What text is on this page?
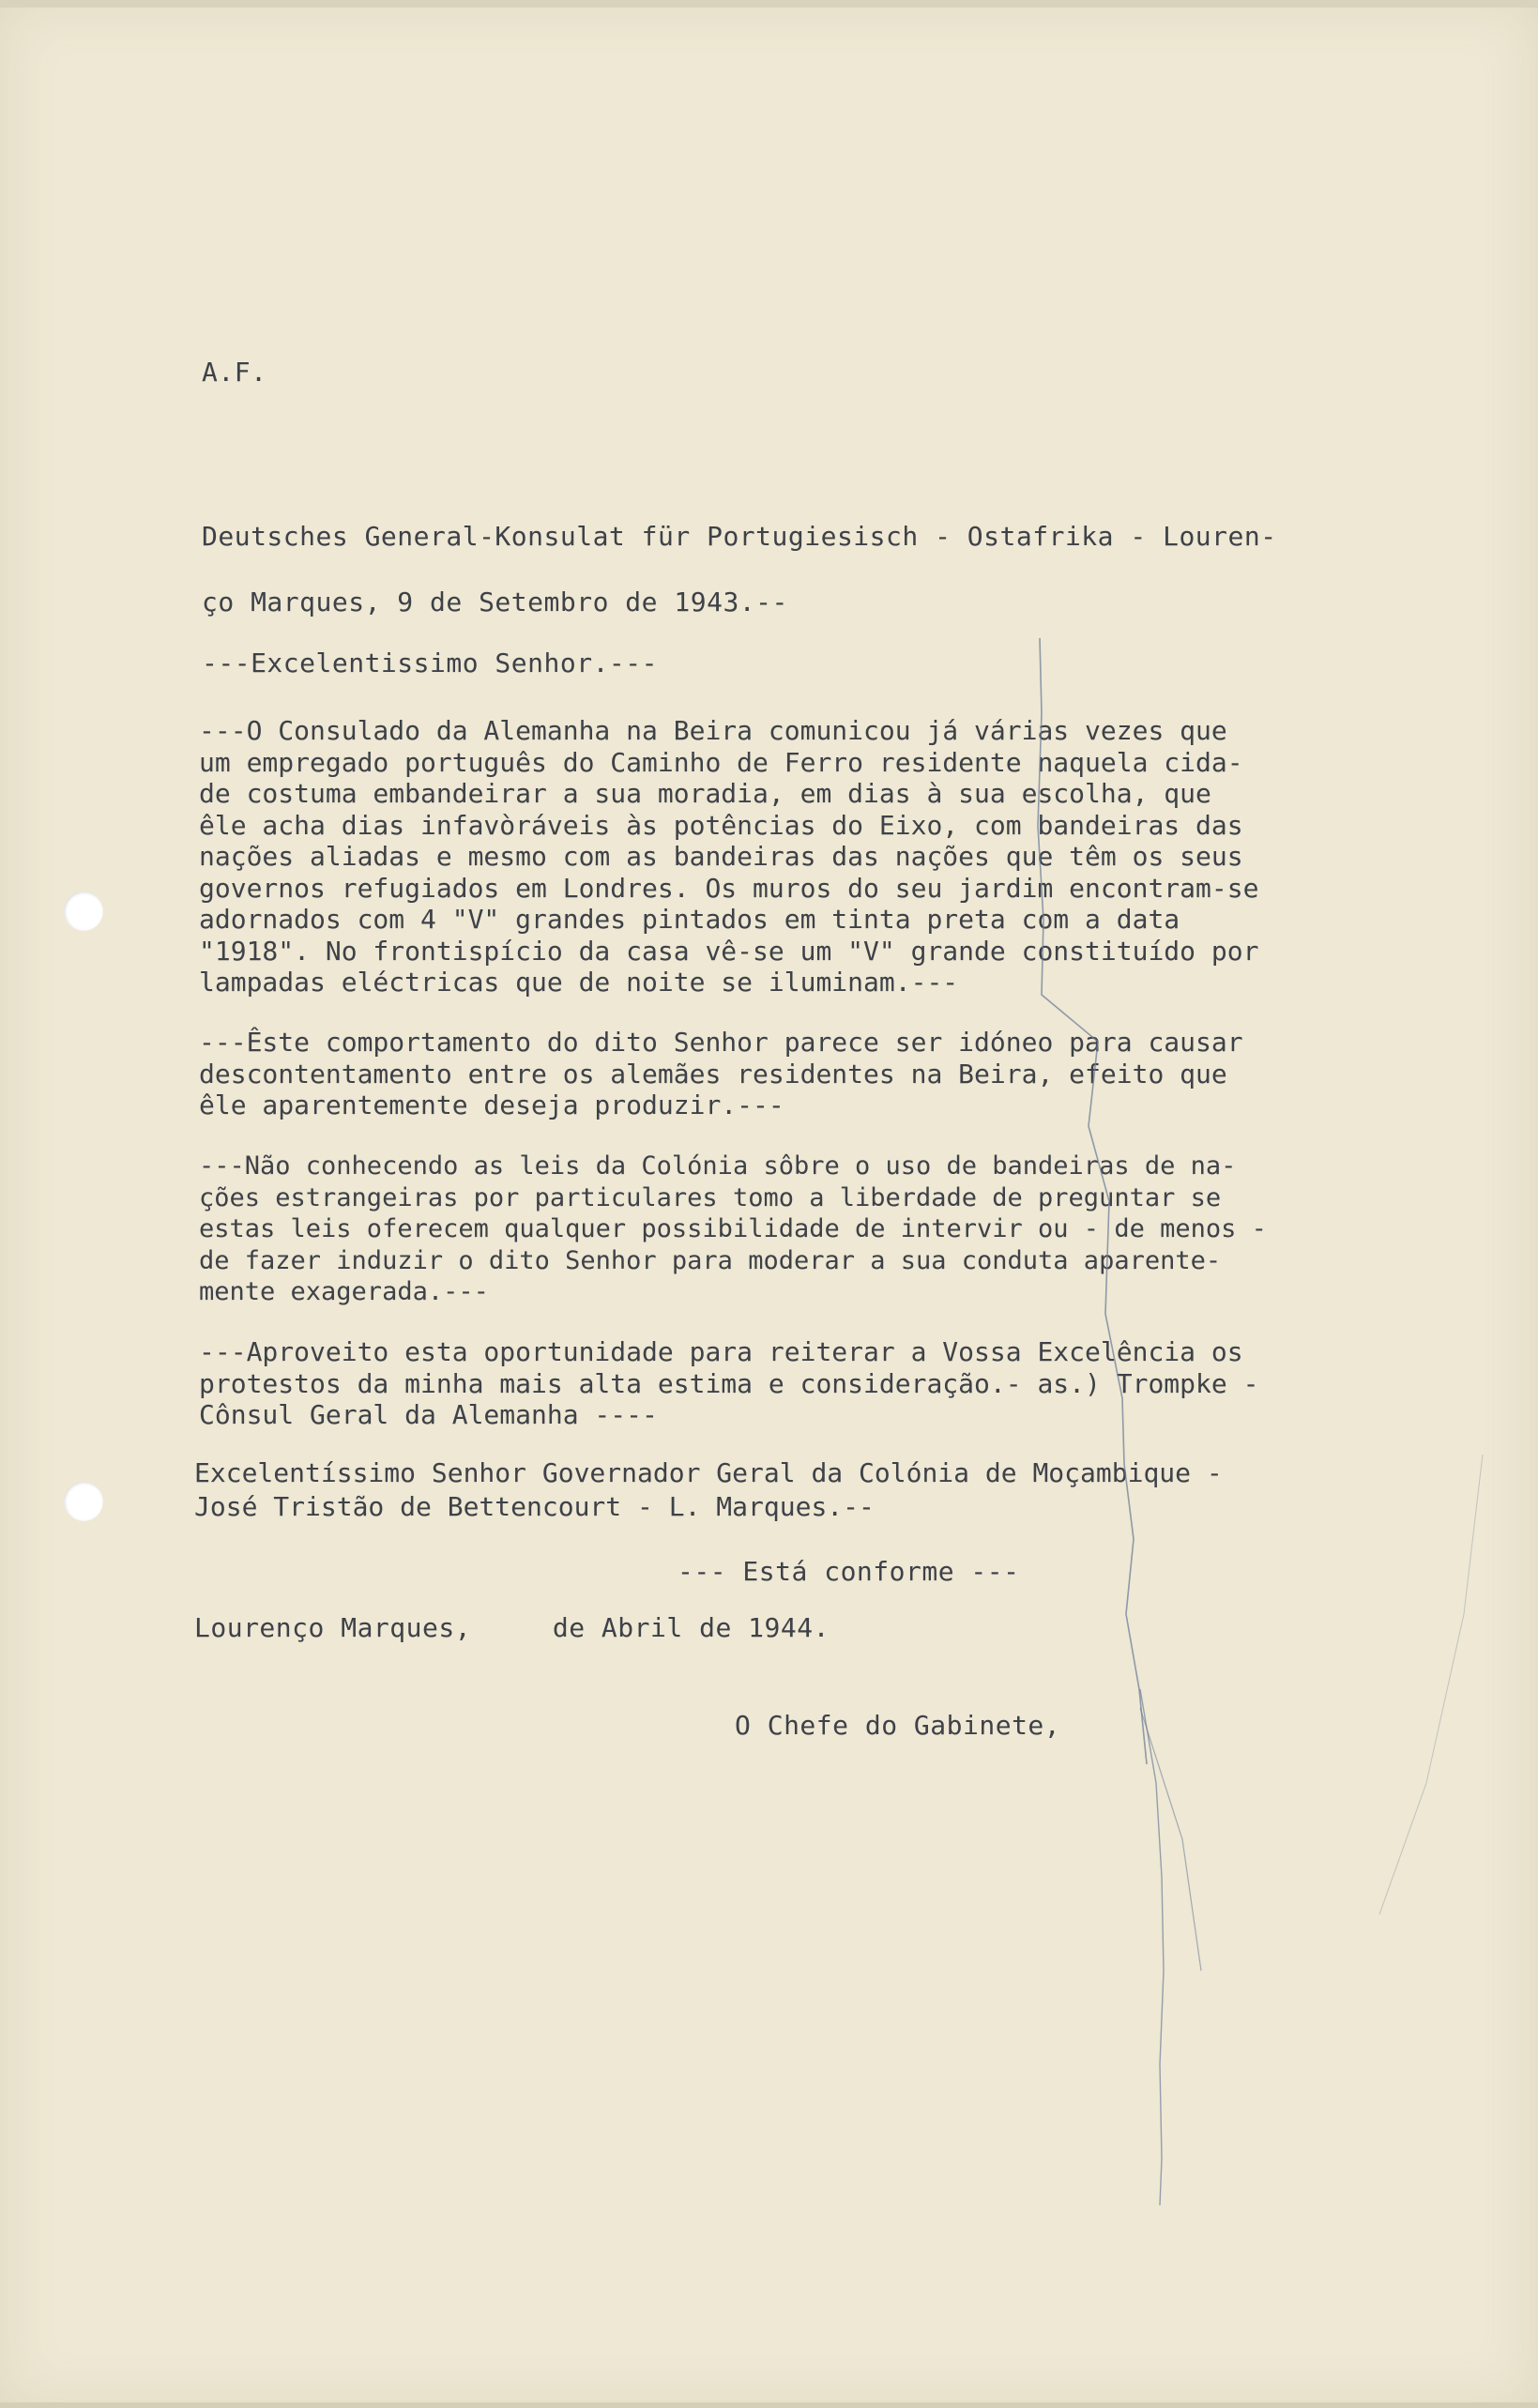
A.F.

Deutsches General-Konsulat für Portugiesisch - Ostafrika - Louren-

ço Marques, 9 de Setembro de 1943.--

---Excelentissimo Senhor.---

---O Consulado da Alemanha na Beira comunicou já várias vezes que
um empregado português do Caminho de Ferro residente naquela cida-
de costuma embandeirar a sua moradia, em dias à sua escolha, que
êle acha dias infavòráveis às potências do Eixo, com bandeiras das
nações aliadas e mesmo com as bandeiras das nações que têm os seus
governos refugiados em Londres. Os muros do seu jardim encontram-se
adornados com 4 "V" grandes pintados em tinta preta com a data
"1918". No frontispício da casa vê-se um "V" grande constituído por
lampadas eléctricas que de noite se iluminam.---
---Êste comportamento do dito Senhor parece ser idóneo para causar
descontentamento entre os alemães residentes na Beira, efeito que
êle aparentemente deseja produzir.---
---Não conhecendo as leis da Colónia sôbre o uso de bandeiras de na-
ções estrangeiras por particulares tomo a liberdade de preguntar se
estas leis oferecem qualquer possibilidade de intervir ou - de menos -
de fazer induzir o dito Senhor para moderar a sua conduta aparente-
mente exagerada.---
---Aproveito esta oportunidade para reiterar a Vossa Excelência os
protestos da minha mais alta estima e consideração.- as.) Trompke -
Cônsul Geral da Alemanha ----
Excelentíssimo Senhor Governador Geral da Colónia de Moçambique -
José Tristão de Bettencourt - L. Marques.--

--- Está conforme ---

Lourenço Marques,     de Abril de 1944.

O Chefe do Gabinete,
